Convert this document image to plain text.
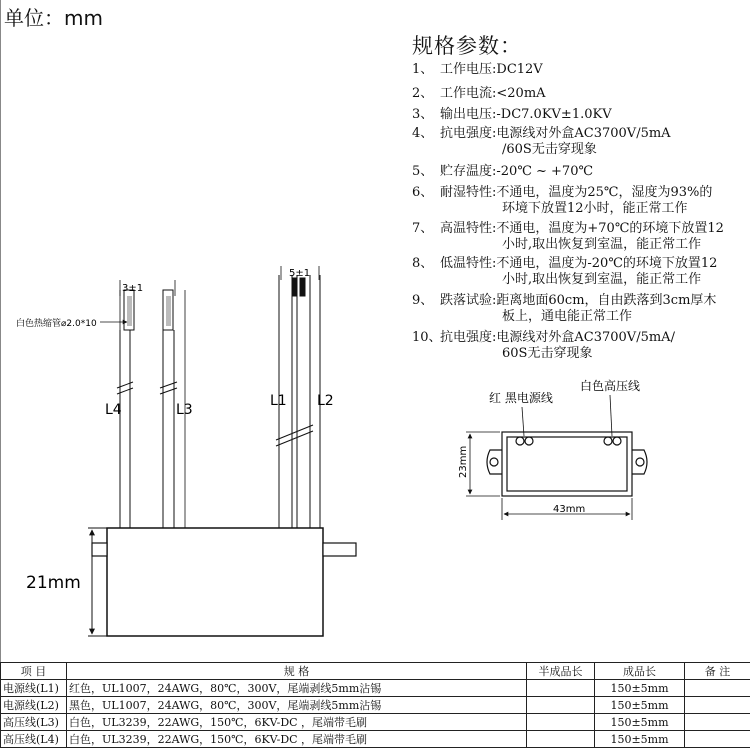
单位：mm
规格参数：
1、 工作电压:DC12V
2、 工作电流:<20mA
3、 输出电压:-DC7.0KV±1.0KV
4、 抗电强度:电源线对外盒AC3700V/5mA
/60S无击穿现象
5、 贮存温度:-20℃ ~ +70℃
6、 耐湿特性:不通电，温度为25℃，湿度为93%的
环境下放置12小时，能正常工作
7、 高温特性:不通电，温度为+70℃的环境下放置12
小时,取出恢复到室温，能正常工作
8、 低温特性:不通电，温度为-20℃的环境下放置12
小时,取出恢复到室温，能正常工作
9、 跌落试验:距离地面60cm，自由跌落到3cm厚木
板上，通电能正常工作
10、抗电强度:电源线对外盒AC3700V/5mA/
60S无击穿现象
21mm
L4	L3
L1 L2
3±1
5±1
白色热缩管⌀2.0*10
红 黑电源线
白色高压线
23mm
43mm
项 目	规 格	半成品长	成品长	备 注
电源线(L1)	红色，UL1007，24AWG，80℃，300V，尾端剥线5mm沾锡		150±5mm	
电源线(L2)	黑色，UL1007，24AWG，80℃，300V，尾端剥线5mm沾锡		150±5mm	
高压线(L3)	白色，UL3239，22AWG，150℃，6KV-DC ，尾端带毛刷		150±5mm	
高压线(L4)	白色，UL3239，22AWG，150℃，6KV-DC ，尾端带毛刷		150±5mm	
